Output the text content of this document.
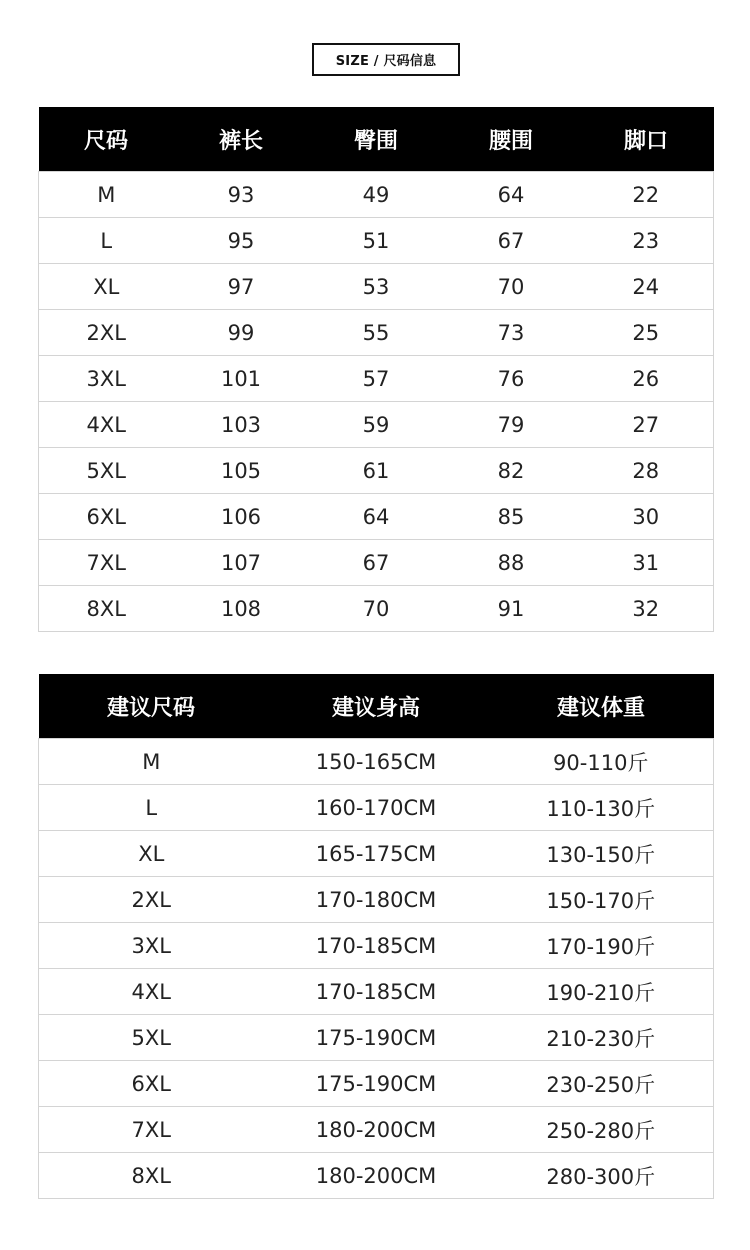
SIZE / 尺码信息
尺码	裤长	臀围	腰围	脚口
M	93	49	64	22
L	95	51	67	23
XL	97	53	70	24
2XL	99	55	73	25
3XL	101	57	76	26
4XL	103	59	79	27
5XL	105	61	82	28
6XL	106	64	85	30
7XL	107	67	88	31
8XL	108	70	91	32
建议尺码	建议身高	建议体重
M	150-165CM	90-110斤
L	160-170CM	110-130斤
XL	165-175CM	130-150斤
2XL	170-180CM	150-170斤
3XL	170-185CM	170-190斤
4XL	170-185CM	190-210斤
5XL	175-190CM	210-230斤
6XL	175-190CM	230-250斤
7XL	180-200CM	250-280斤
8XL	180-200CM	280-300斤
